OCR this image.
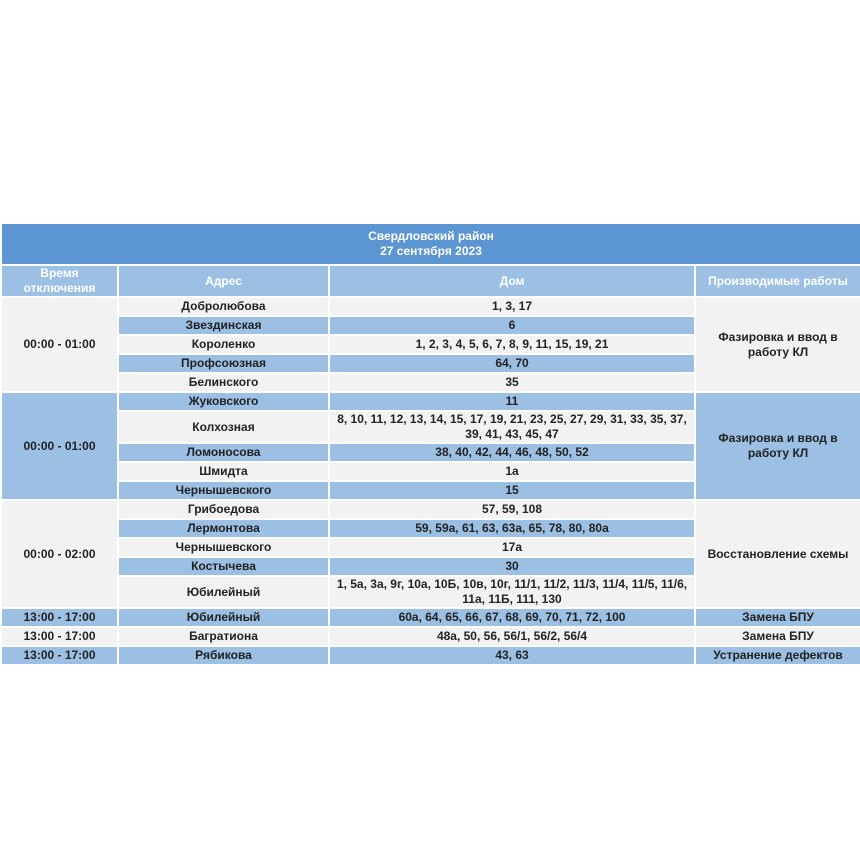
Свердловский район
27 сентября 2023			
Время отключения	Адрес	Дом	Производимые работы
00:00 - 01:00	Добролюбова	1, 3, 17	Фазировка и ввод в работу КЛ
	Звездинская	6	
	Короленко	1, 2, 3, 4, 5, 6, 7, 8, 9, 11, 15, 19, 21	
	Профсоюзная	64, 70	
	Белинского	35	
00:00 - 01:00	Жуковского	11	Фазировка и ввод в работу КЛ
	Колхозная	8, 10, 11, 12, 13, 14, 15, 17, 19, 21, 23, 25, 27, 29, 31, 33, 35, 37, 39, 41, 43, 45, 47	
	Ломоносова	38, 40, 42, 44, 46, 48, 50, 52	
	Шмидта	1а	
	Чернышевского	15	
00:00 - 02:00	Грибоедова	57, 59, 108	Восстановление схемы
	Лермонтова	59, 59а, 61, 63, 63а, 65, 78, 80, 80а	
	Чернышевского	17а	
	Костычева	30	
	Юбилейный	1, 5а, 3а, 9г, 10а, 10Б, 10в, 10г, 11/1, 11/2, 11/3, 11/4, 11/5, 11/6, 11а, 11Б, 111, 130	
13:00 - 17:00	Юбилейный	60а, 64, 65, 66, 67, 68, 69, 70, 71, 72, 100	Замена БПУ
13:00 - 17:00	Багратиона	48а, 50, 56, 56/1, 56/2, 56/4	Замена БПУ
13:00 - 17:00	Рябикова	43, 63	Устранение дефектов
